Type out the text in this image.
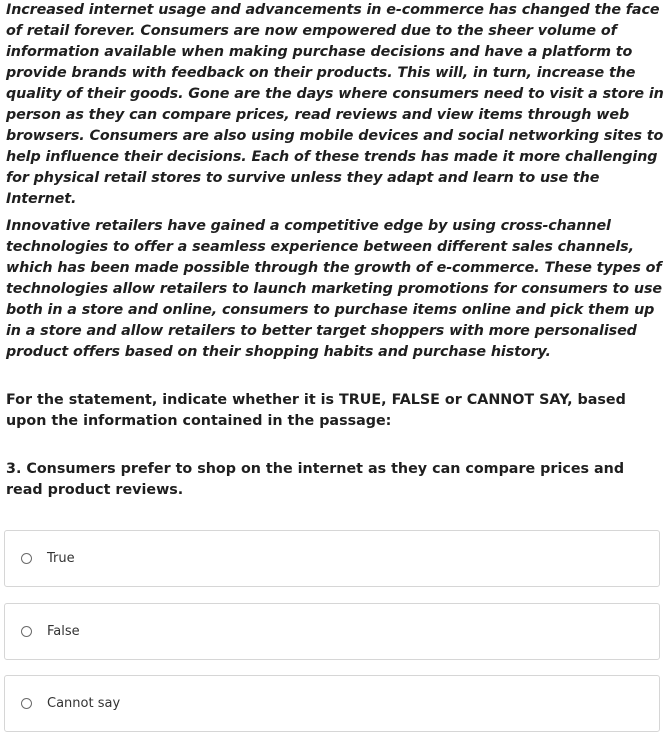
Increased internet usage and advancements in e-commerce has changed the face of retail forever. Consumers are now empowered due to the sheer volume of information available when making purchase decisions and have a platform to provide brands with feedback on their products. This will, in turn, increase the quality of their goods. Gone are the days where consumers need to visit a store in person as they can compare prices, read reviews and view items through web browsers. Consumers are also using mobile devices and social networking sites to help influence their decisions. Each of these trends has made it more challenging for physical retail stores to survive unless they adapt and learn to use the Internet.

Innovative retailers have gained a competitive edge by using cross-channel technologies to offer a seamless experience between different sales channels, which has been made possible through the growth of e-commerce. These types of technologies allow retailers to launch marketing promotions for consumers to use both in a store and online, consumers to purchase items online and pick them up in a store and allow retailers to better target shoppers with more personalised product offers based on their shopping habits and purchase history.

For the statement, indicate whether it is TRUE, FALSE or CANNOT SAY, based upon the information contained in the passage:

3. Consumers prefer to shop on the internet as they can compare prices and read product reviews.

True
False
Cannot say
